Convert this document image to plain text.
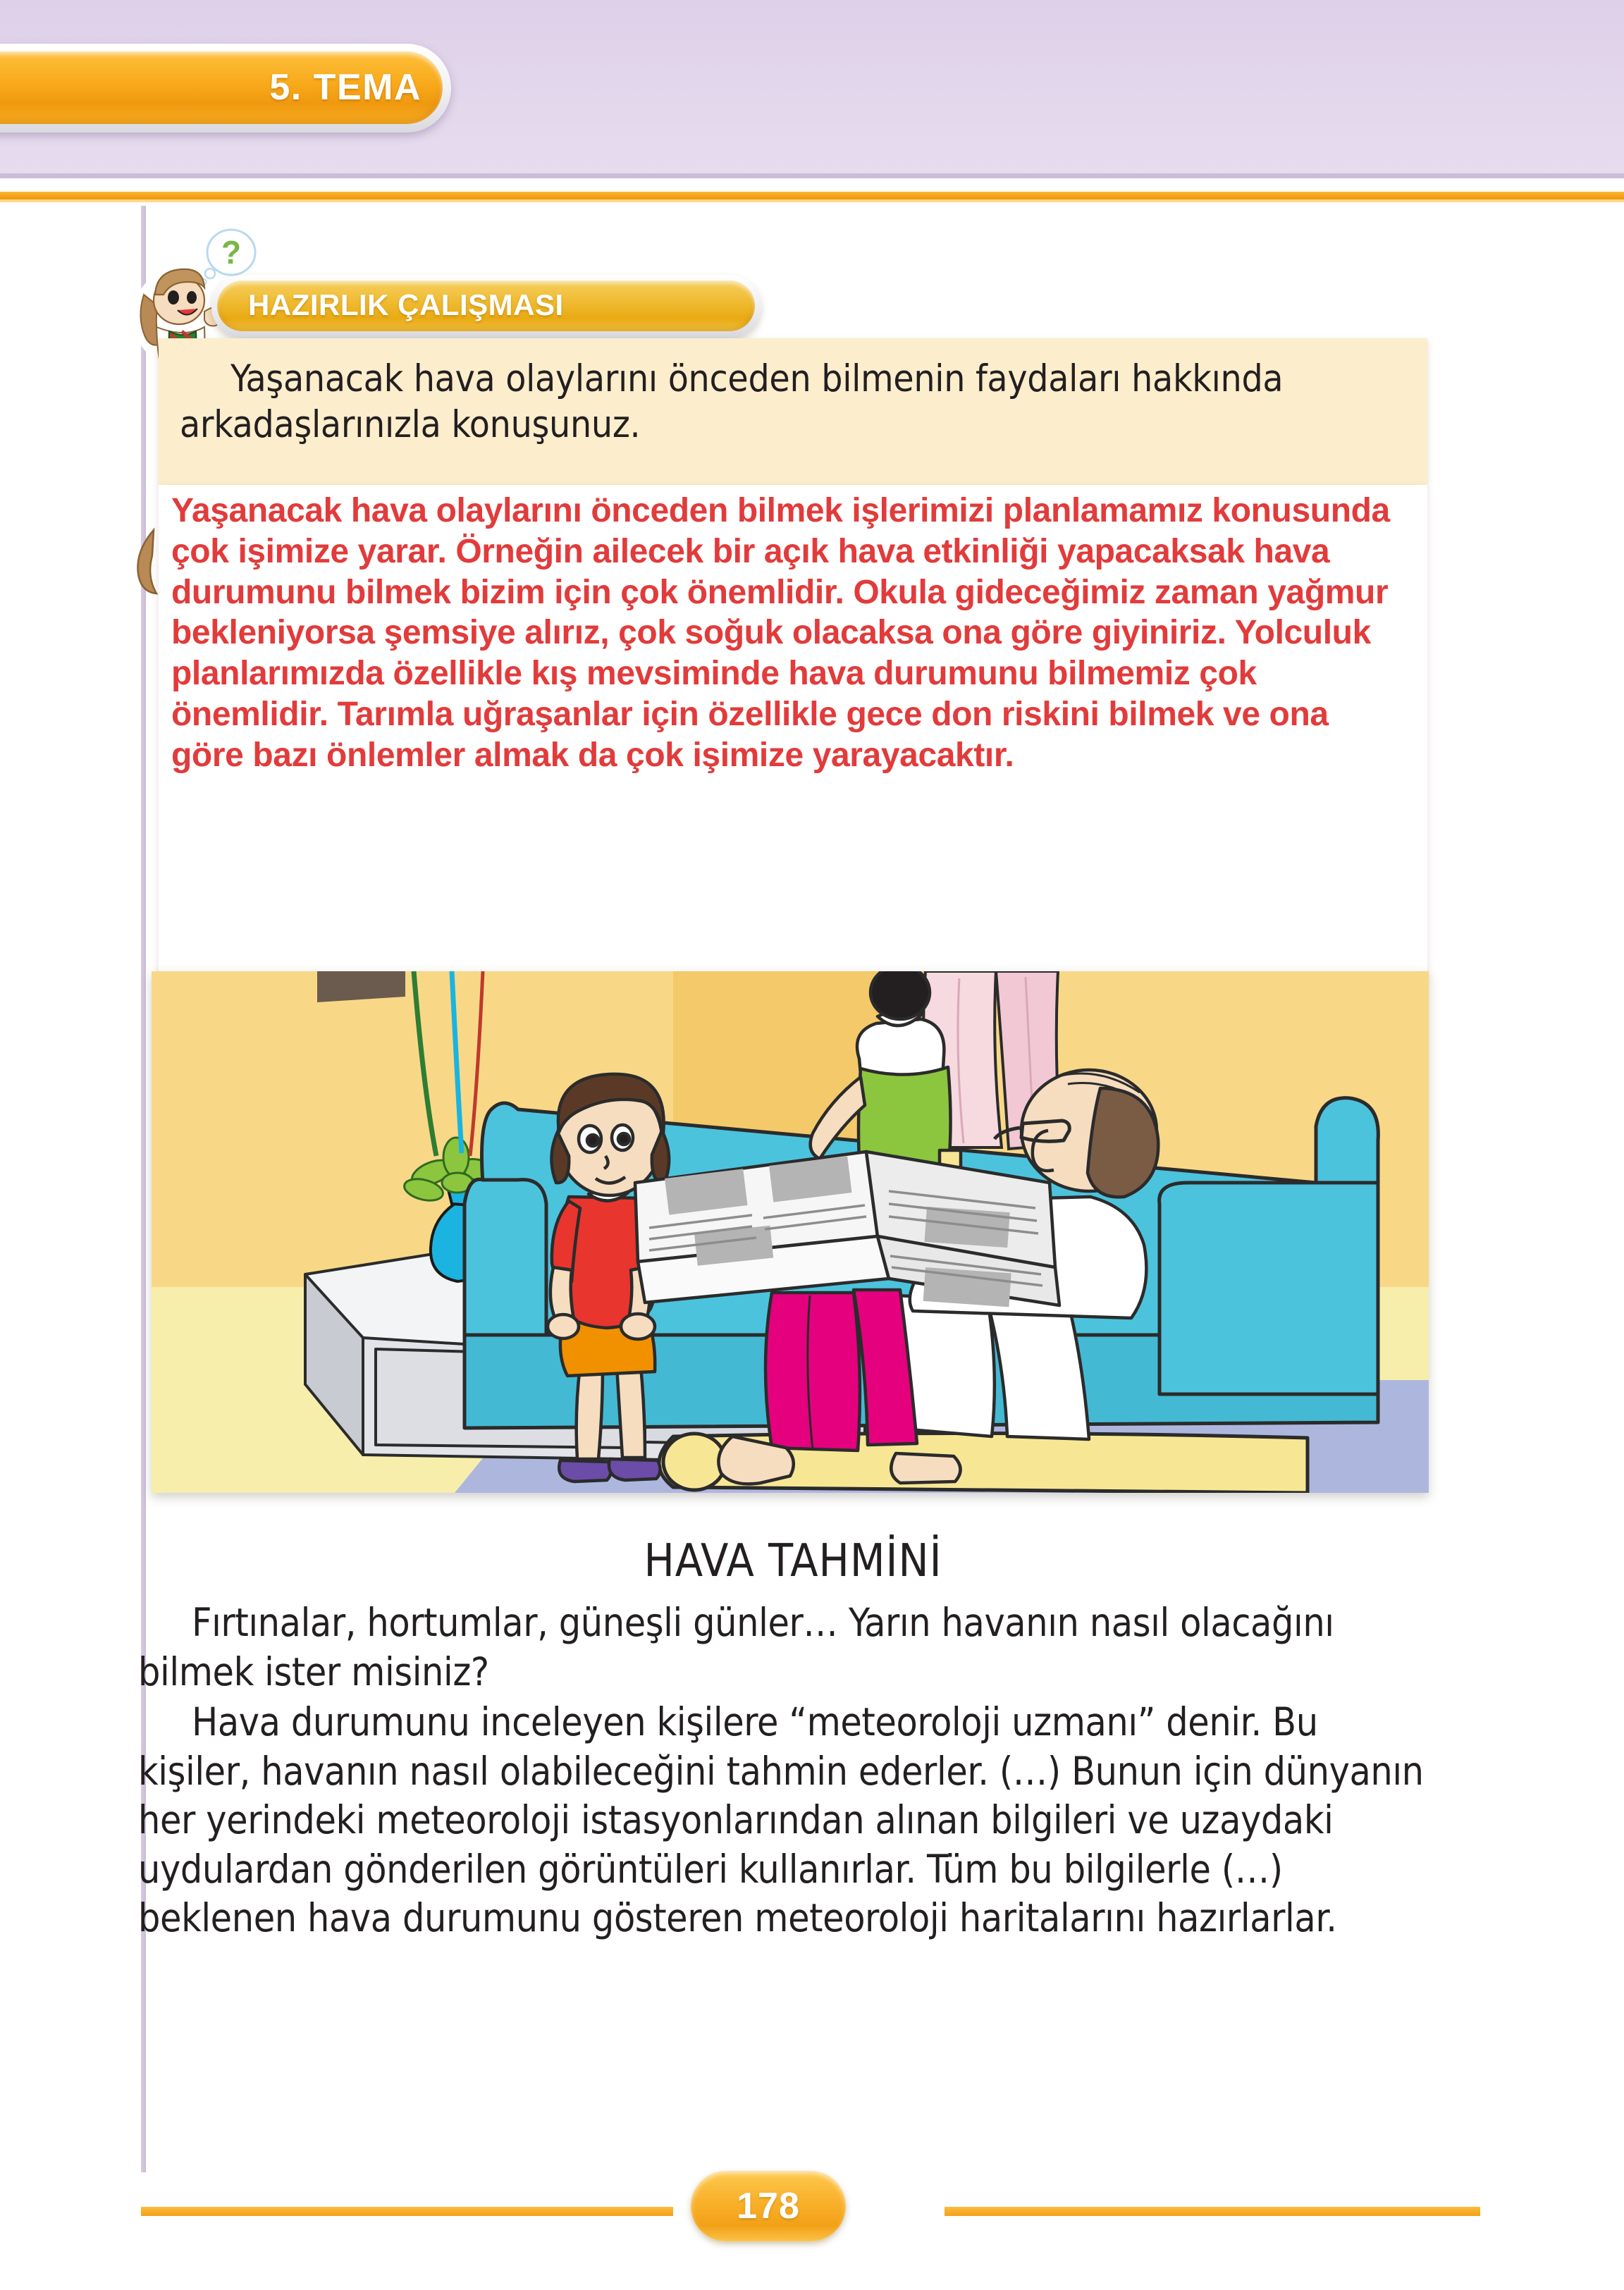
5. TEMA
?
HAZIRLIK ÇALIŞMASI
Yaşanacak hava olaylarını önceden bilmenin faydaları hakkında arkadaşlarınızla konuşunuz.
Yaşanacak hava olaylarını önceden bilmek işlerimizi planlamamız konusunda çok işimize yarar. Örneğin ailecek bir açık hava etkinliği yapacaksak hava durumunu bilmek bizim için çok önemlidir. Okula gideceğimiz zaman yağmur bekleniyorsa şemsiye alırız, çok soğuk olacaksa ona göre giyiniriz. Yolculuk planlarımızda özellikle kış mevsiminde hava durumunu bilmemiz çok önemlidir. Tarımla uğraşanlar için özellikle gece don riskini bilmek ve ona göre bazı önlemler almak da çok işimize yarayacaktır.
HAVA TAHMİNİ

Fırtınalar, hortumlar, güneşli günler… Yarın havanın nasıl olacağını bilmek ister misiniz?

Hava durumunu inceleyen kişilere “meteoroloji uzmanı” denir. Bu kişiler, havanın nasıl olabileceğini tahmin ederler. (…) Bunun için dünyanın her yerindeki meteoroloji istasyonlarından alınan bilgileri ve uzaydaki uydulardan gönderilen görüntüleri kullanırlar. Tüm bu bilgilerle (…) beklenen hava durumunu gösteren meteoroloji haritalarını hazırlarlar.

178
